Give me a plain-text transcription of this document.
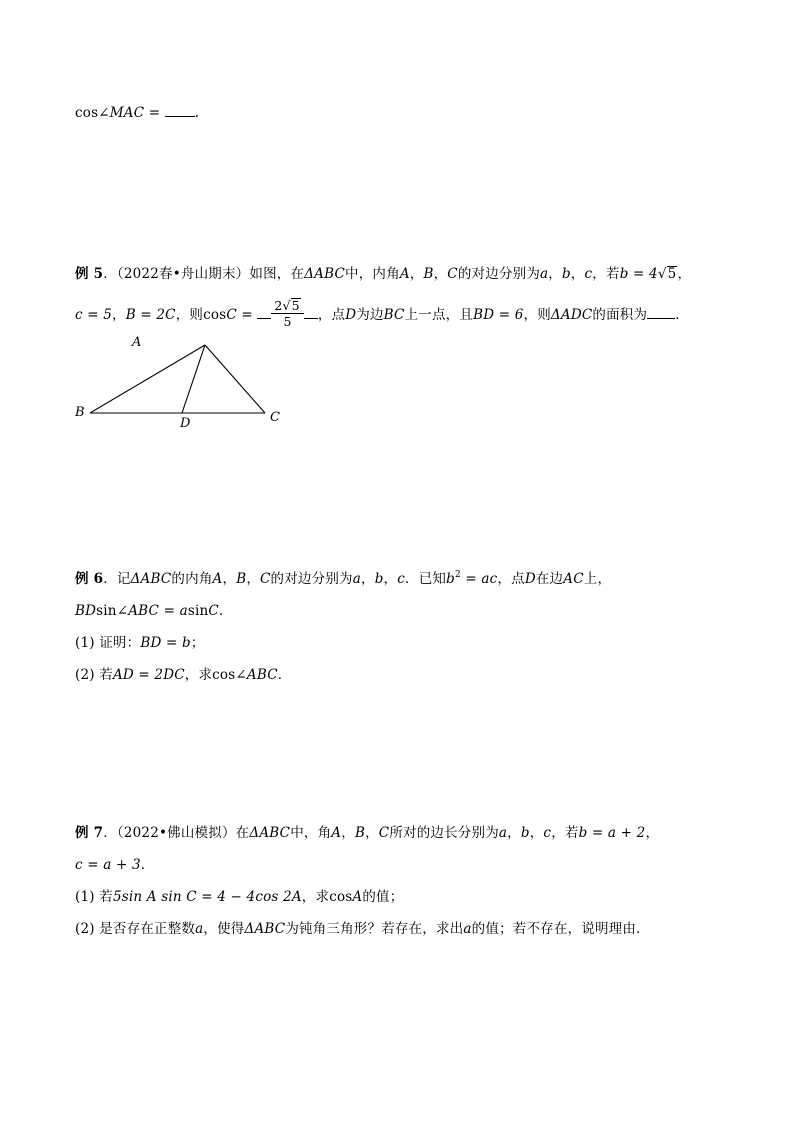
cos∠MAC = .
例 5．（2022春•舟山期末）如图，在ΔABC中，内角A，B，C的对边分别为a，b，c，若b = 4√5，
c = 5，B = 2C，则$\cos C = \frac{2√5}{5}$ ，点D为边BC上一点，且BD = 6，则ΔADC的面积为 ．
A
B	C
D
例 6．记ΔABC的内角A，B，C的对边分别为a，b，c．已知$b^2$ = ac，点D在边AC上，
BDsin∠ABC = asinC．
(1) 证明：BD = b；
(2) 若AD = 2DC，求cos∠ABC．
例 7．（2022•佛山模拟）在ΔABC中，角A，B，C所对的边长分别为a，b，c，若b = a + 2，
c = a + 3．
(1) 若5sin A sin C = 4 − 4cos 2A，求cosA的值；
(2) 是否存在正整数a，使得ΔABC为钝角三角形？若存在，求出a的值；若不存在，说明理由．
